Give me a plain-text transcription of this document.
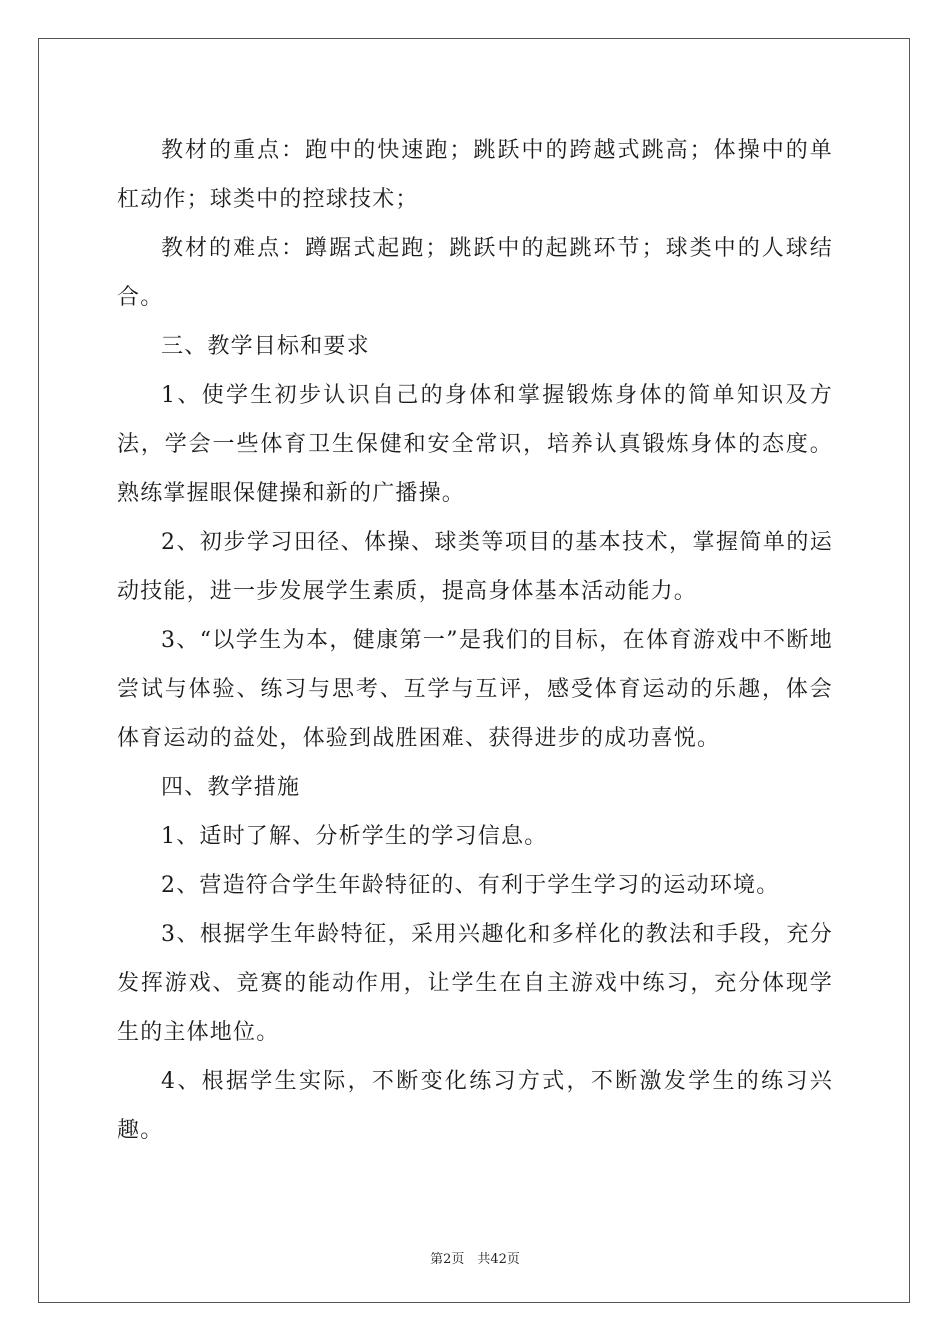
教材的重点：跑中的快速跑；跳跃中的跨越式跳高；体操中的单杠动作；球类中的控球技术；

教材的难点：蹲踞式起跑；跳跃中的起跳环节；球类中的人球结合。

三、教学目标和要求

1、使学生初步认识自己的身体和掌握锻炼身体的简单知识及方法，学会一些体育卫生保健和安全常识，培养认真锻炼身体的态度。熟练掌握眼保健操和新的广播操。

2、初步学习田径、体操、球类等项目的基本技术，掌握简单的运动技能，进一步发展学生素质，提高身体基本活动能力。

3、“以学生为本，健康第一”是我们的目标，在体育游戏中不断地尝试与体验、练习与思考、互学与互评，感受体育运动的乐趣，体会体育运动的益处，体验到战胜困难、获得进步的成功喜悦。

四、教学措施

1、适时了解、分析学生的学习信息。

2、营造符合学生年龄特征的、有利于学生学习的运动环境。

3、根据学生年龄特征，采用兴趣化和多样化的教法和手段，充分发挥游戏、竞赛的能动作用，让学生在自主游戏中练习，充分体现学生的主体地位。

4、根据学生实际，不断变化练习方式，不断激发学生的练习兴趣。

第2页　共42页
